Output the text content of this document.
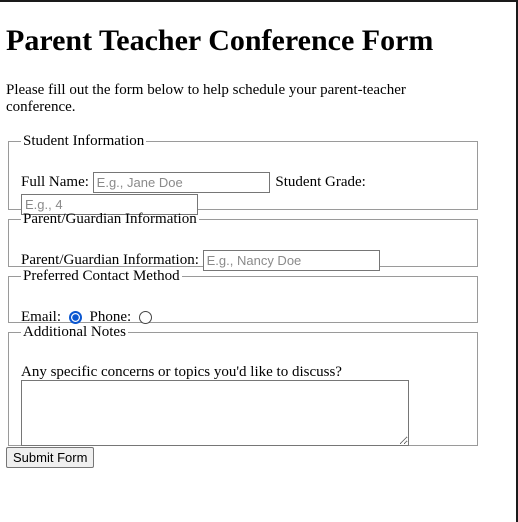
Parent Teacher Conference Form

Please fill out the form below to help schedule your parent-teacher conference.

Student Information
Full Name: E.g., Jane Doe	Student Grade:
E.g., 4
Parent/Guardian Information
Parent/Guardian Information: E.g., Nancy Doe
Preferred Contact Method
Email: Phone:
Additional Notes
Any specific concerns or topics you'd like to discuss?
Submit Form
